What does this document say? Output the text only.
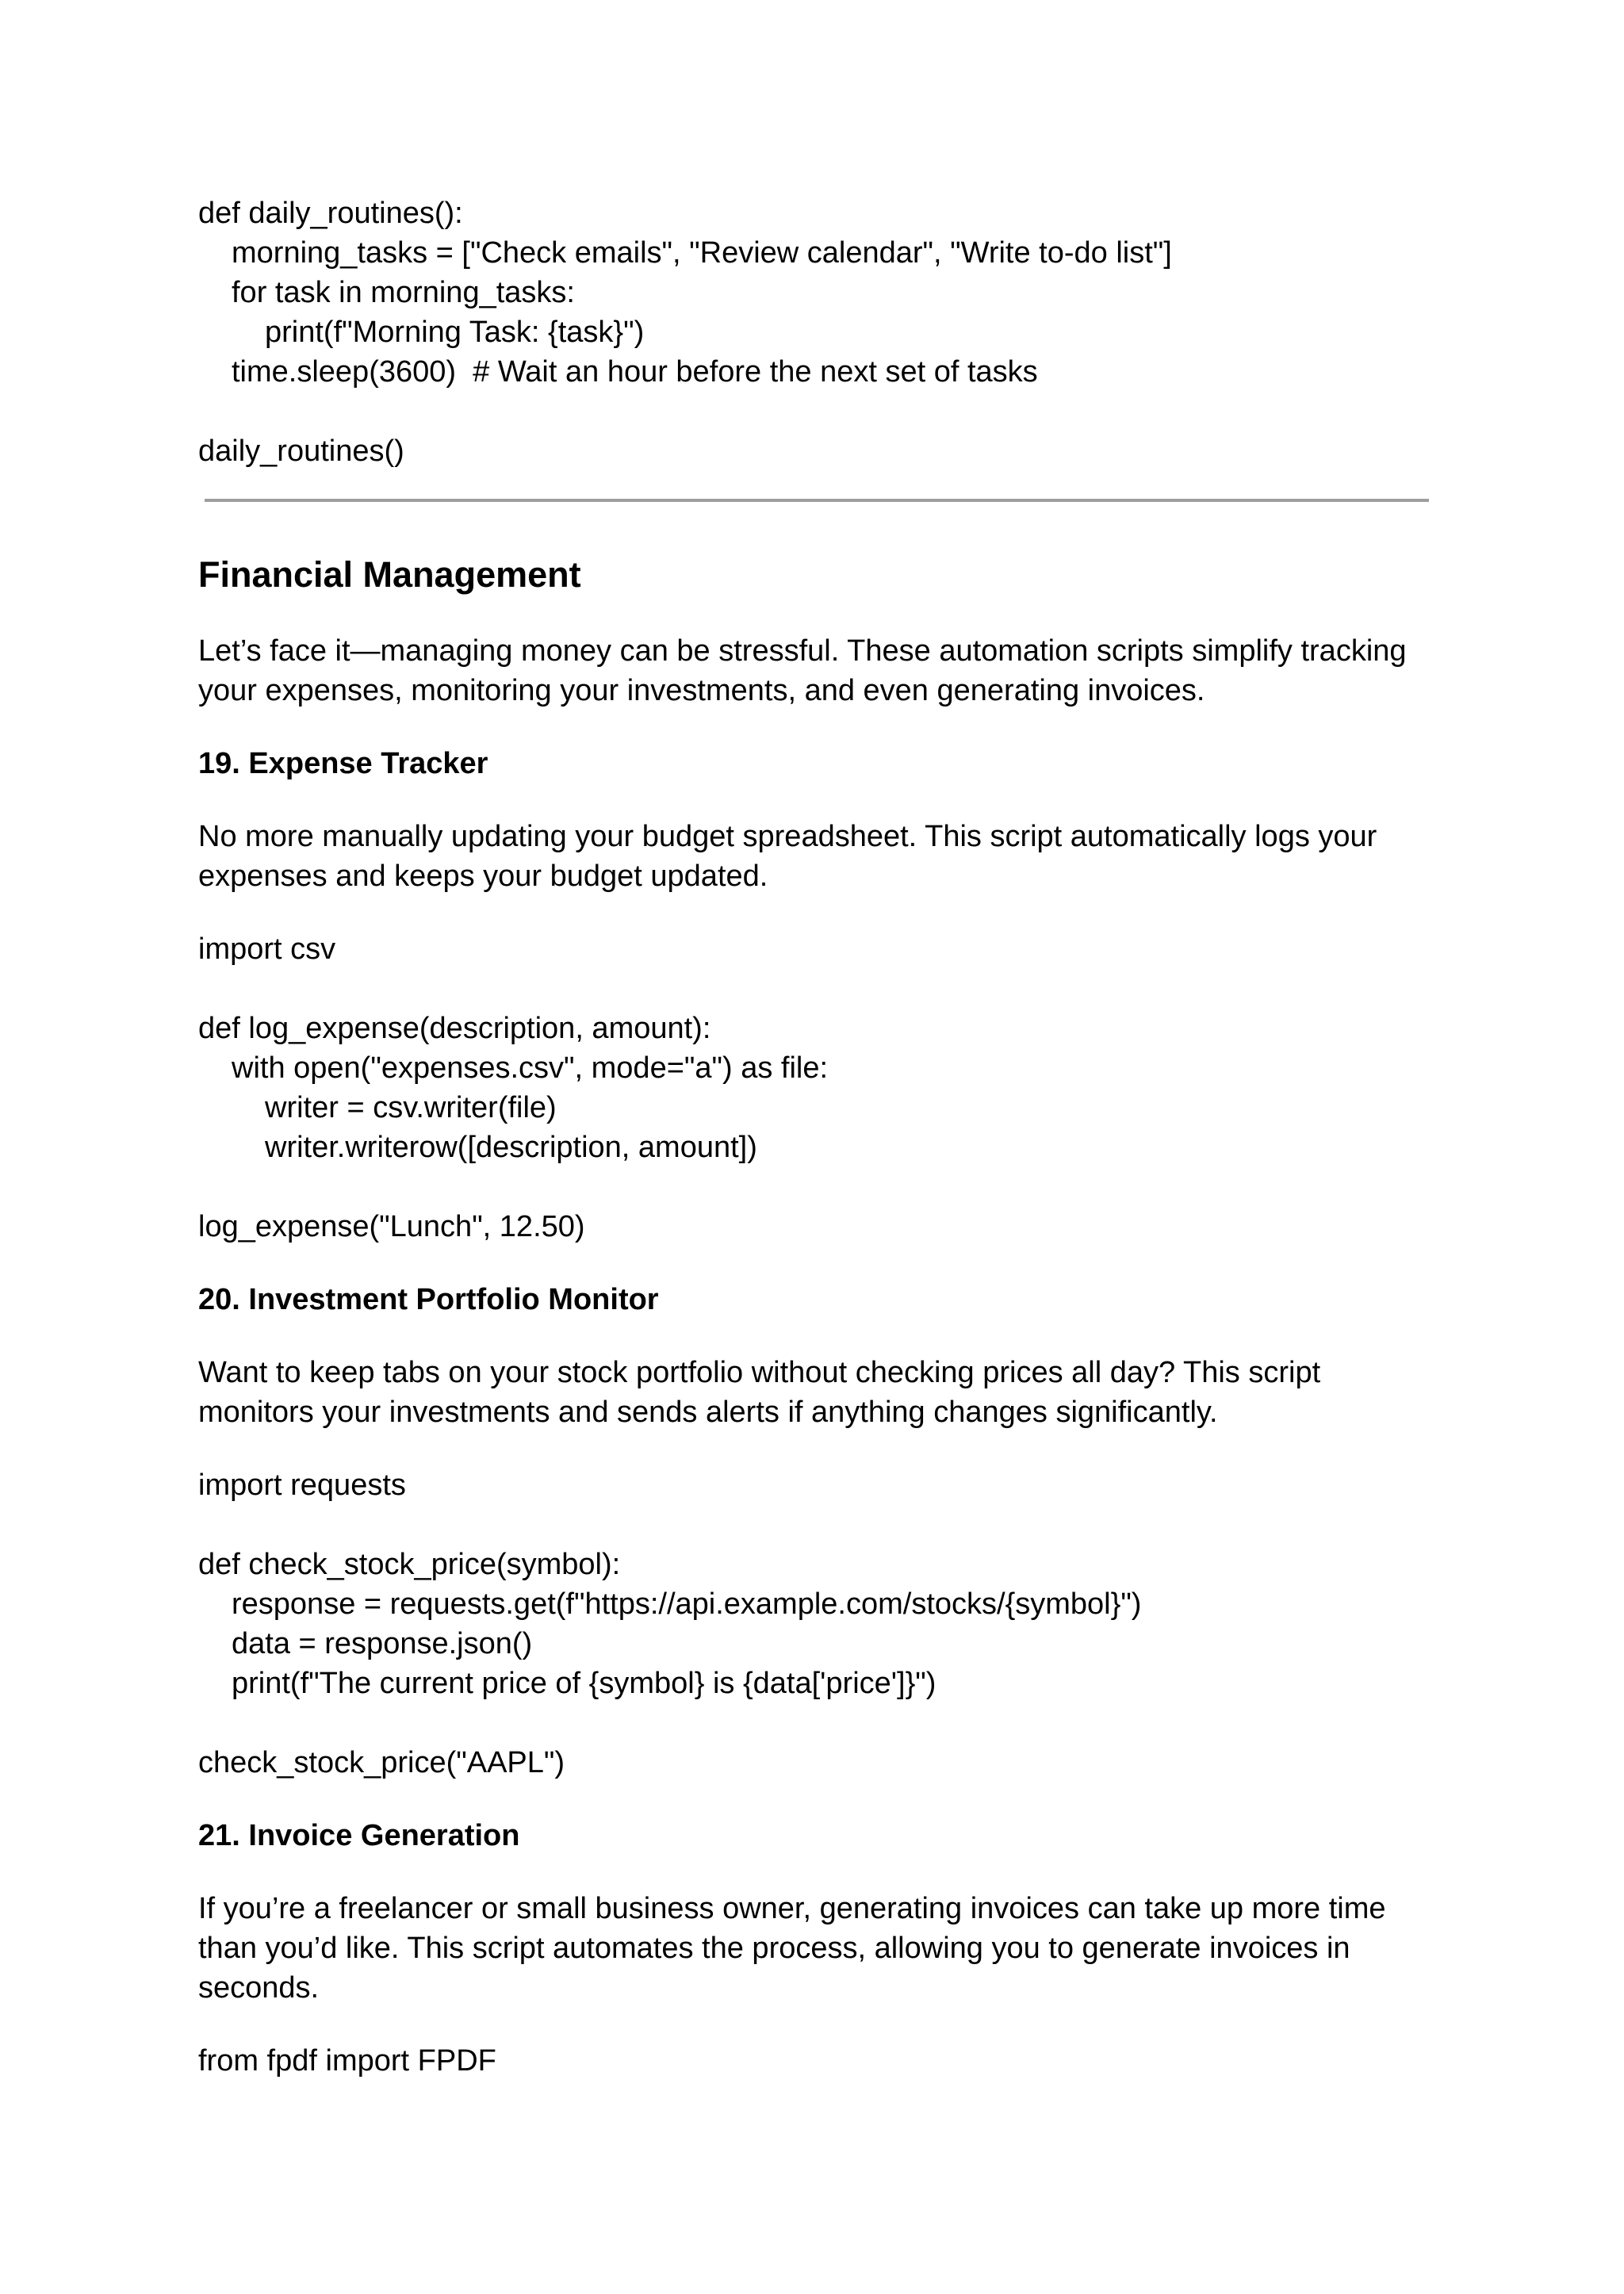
def daily_routines():
morning_tasks = ["Check emails", "Review calendar", "Write to-do list"]
for task in morning_tasks:
print(f"Morning Task: {task}")
time.sleep(3600)  # Wait an hour before the next set of tasks
daily_routines()
Financial Management
Let’s face it—managing money can be stressful. These automation scripts simplify tracking
your expenses, monitoring your investments, and even generating invoices.
19. Expense Tracker
No more manually updating your budget spreadsheet. This script automatically logs your
expenses and keeps your budget updated.
import csv
def log_expense(description, amount):
with open("expenses.csv", mode="a") as file:
writer = csv.writer(file)
writer.writerow([description, amount])
log_expense("Lunch", 12.50)
20. Investment Portfolio Monitor
Want to keep tabs on your stock portfolio without checking prices all day? This script
monitors your investments and sends alerts if anything changes significantly.
import requests
def check_stock_price(symbol):
response = requests.get(f"https://api.example.com/stocks/{symbol}")
data = response.json()
print(f"The current price of {symbol} is {data['price']}")
check_stock_price("AAPL")
21. Invoice Generation
If you’re a freelancer or small business owner, generating invoices can take up more time
than you’d like. This script automates the process, allowing you to generate invoices in
seconds.
from fpdf import FPDF
